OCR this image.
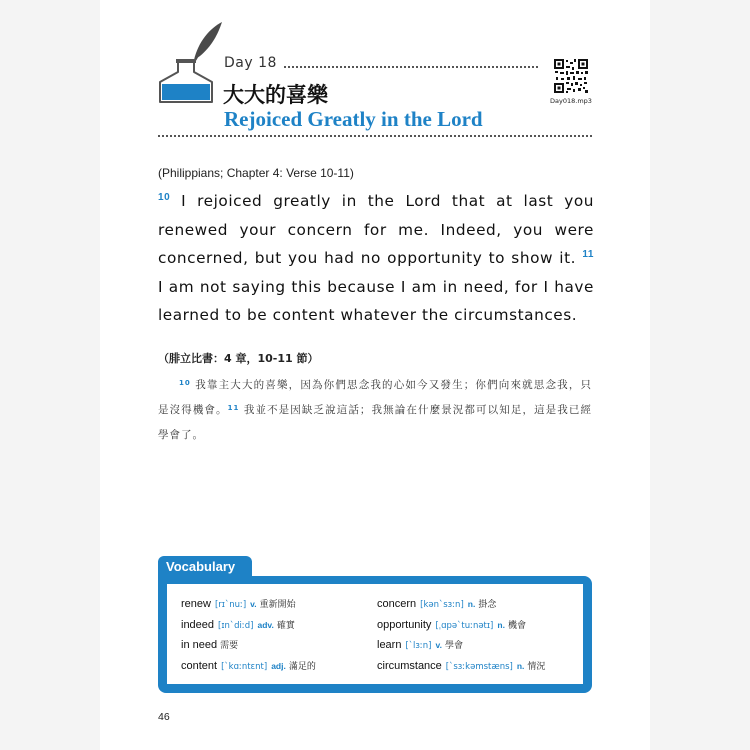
Day 18
大大的喜樂
Rejoiced Greatly in the Lord
Day018.mp3
(Philippians; Chapter 4: Verse 10-11)
$^{10}$ I rejoiced greatly in the Lord that at last you renewed your concern for me. Indeed, you were concerned, but you had no opportunity to show it. $^{11}$ I am not saying this because I am in need, for I have learned to be content whatever the circumstances.
（腓立比書：4 章，10-11 節）
$^{10}$ 我靠主大大的喜樂，因為你們思念我的心如今又發生；你們向來就思念我，只是沒得機會。$^{11}$ 我並不是因缺乏說這話；我無論在什麼景況都可以知足，這是我已經學會了。
Vocabulary
renew [rɪˋnuː] v. 重新開始
indeed [ɪnˋdiːd] adv. 確實
in need 需要
content [ˋkɑːntɛnt] adj. 滿足的
concern [kənˋsɜːn] n. 掛念
opportunity [ˌɑpəˋtuːnətɪ] n. 機會
learn [ˋlɜːn] v. 學會
circumstance [ˋsɜːkəmstæns] n. 情況
46
